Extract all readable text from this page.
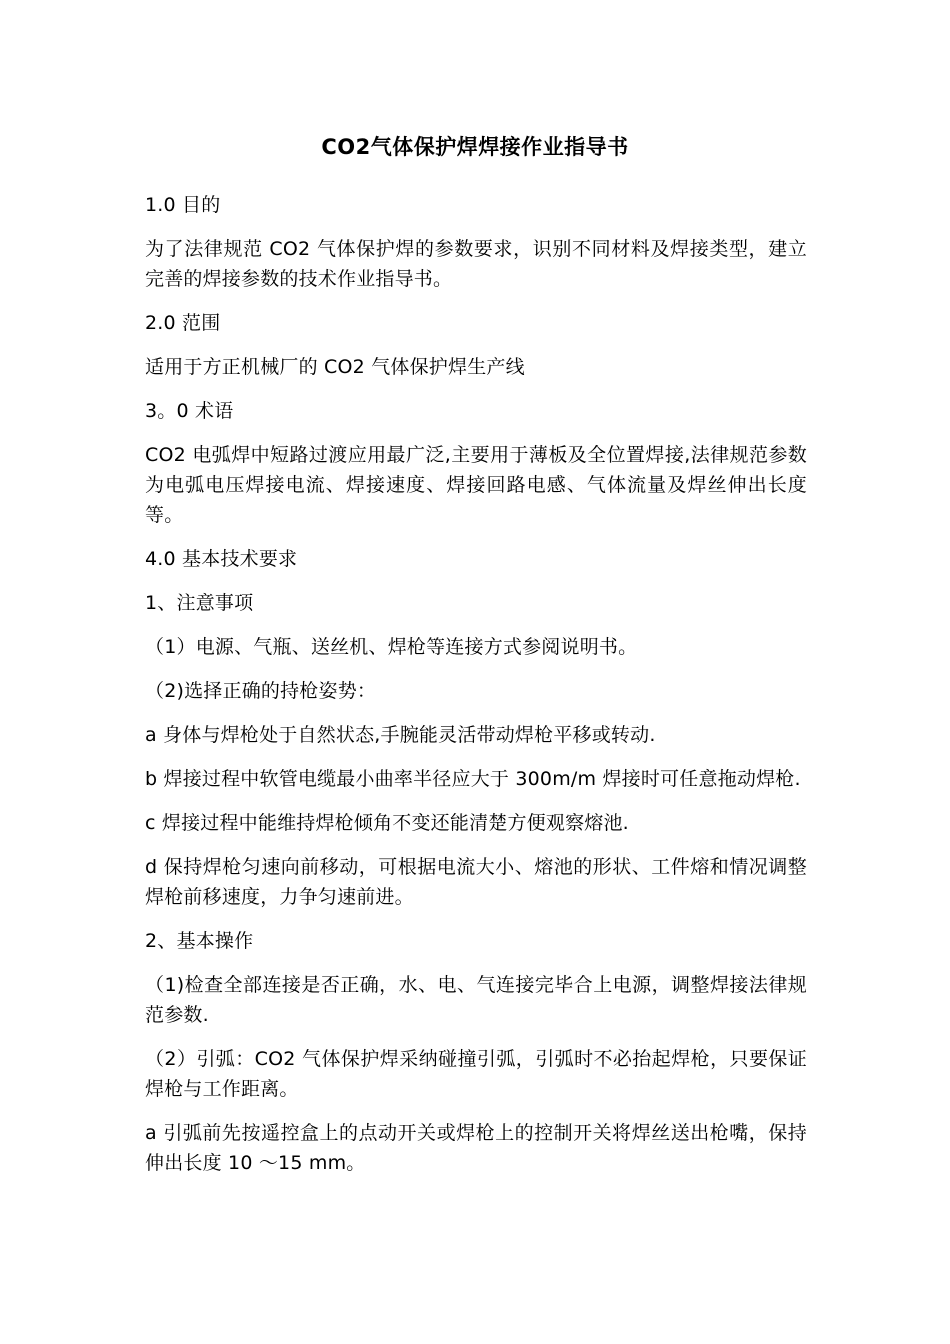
CO2气体保护焊焊接作业指导书

1.0 目的

为了法律规范 CO2 气体保护焊的参数要求，识别不同材料及焊接类型，建立完善的焊接参数的技术作业指导书。

2.0 范围

适用于方正机械厂的 CO2 气体保护焊生产线

3。0 术语

CO2 电弧焊中短路过渡应用最广泛,主要用于薄板及全位置焊接,法律规范参数为电弧电压焊接电流、焊接速度、焊接回路电感、气体流量及焊丝伸出长度等。

4.0 基本技术要求

1、注意事项

（1）电源、气瓶、送丝机、焊枪等连接方式参阅说明书。

（2)选择正确的持枪姿势：

a 身体与焊枪处于自然状态,手腕能灵活带动焊枪平移或转动.

b 焊接过程中软管电缆最小曲率半径应大于 300m/m 焊接时可任意拖动焊枪.

c 焊接过程中能维持焊枪倾角不变还能清楚方便观察熔池.

d 保持焊枪匀速向前移动，可根据电流大小、熔池的形状、工件熔和情况调整焊枪前移速度，力争匀速前进。

2、基本操作

（1)检查全部连接是否正确，水、电、气连接完毕合上电源，调整焊接法律规范参数.

（2）引弧：CO2 气体保护焊采纳碰撞引弧，引弧时不必抬起焊枪，只要保证焊枪与工作距离。

a 引弧前先按遥控盒上的点动开关或焊枪上的控制开关将焊丝送出枪嘴，保持伸出长度 10 ～15 mm。
